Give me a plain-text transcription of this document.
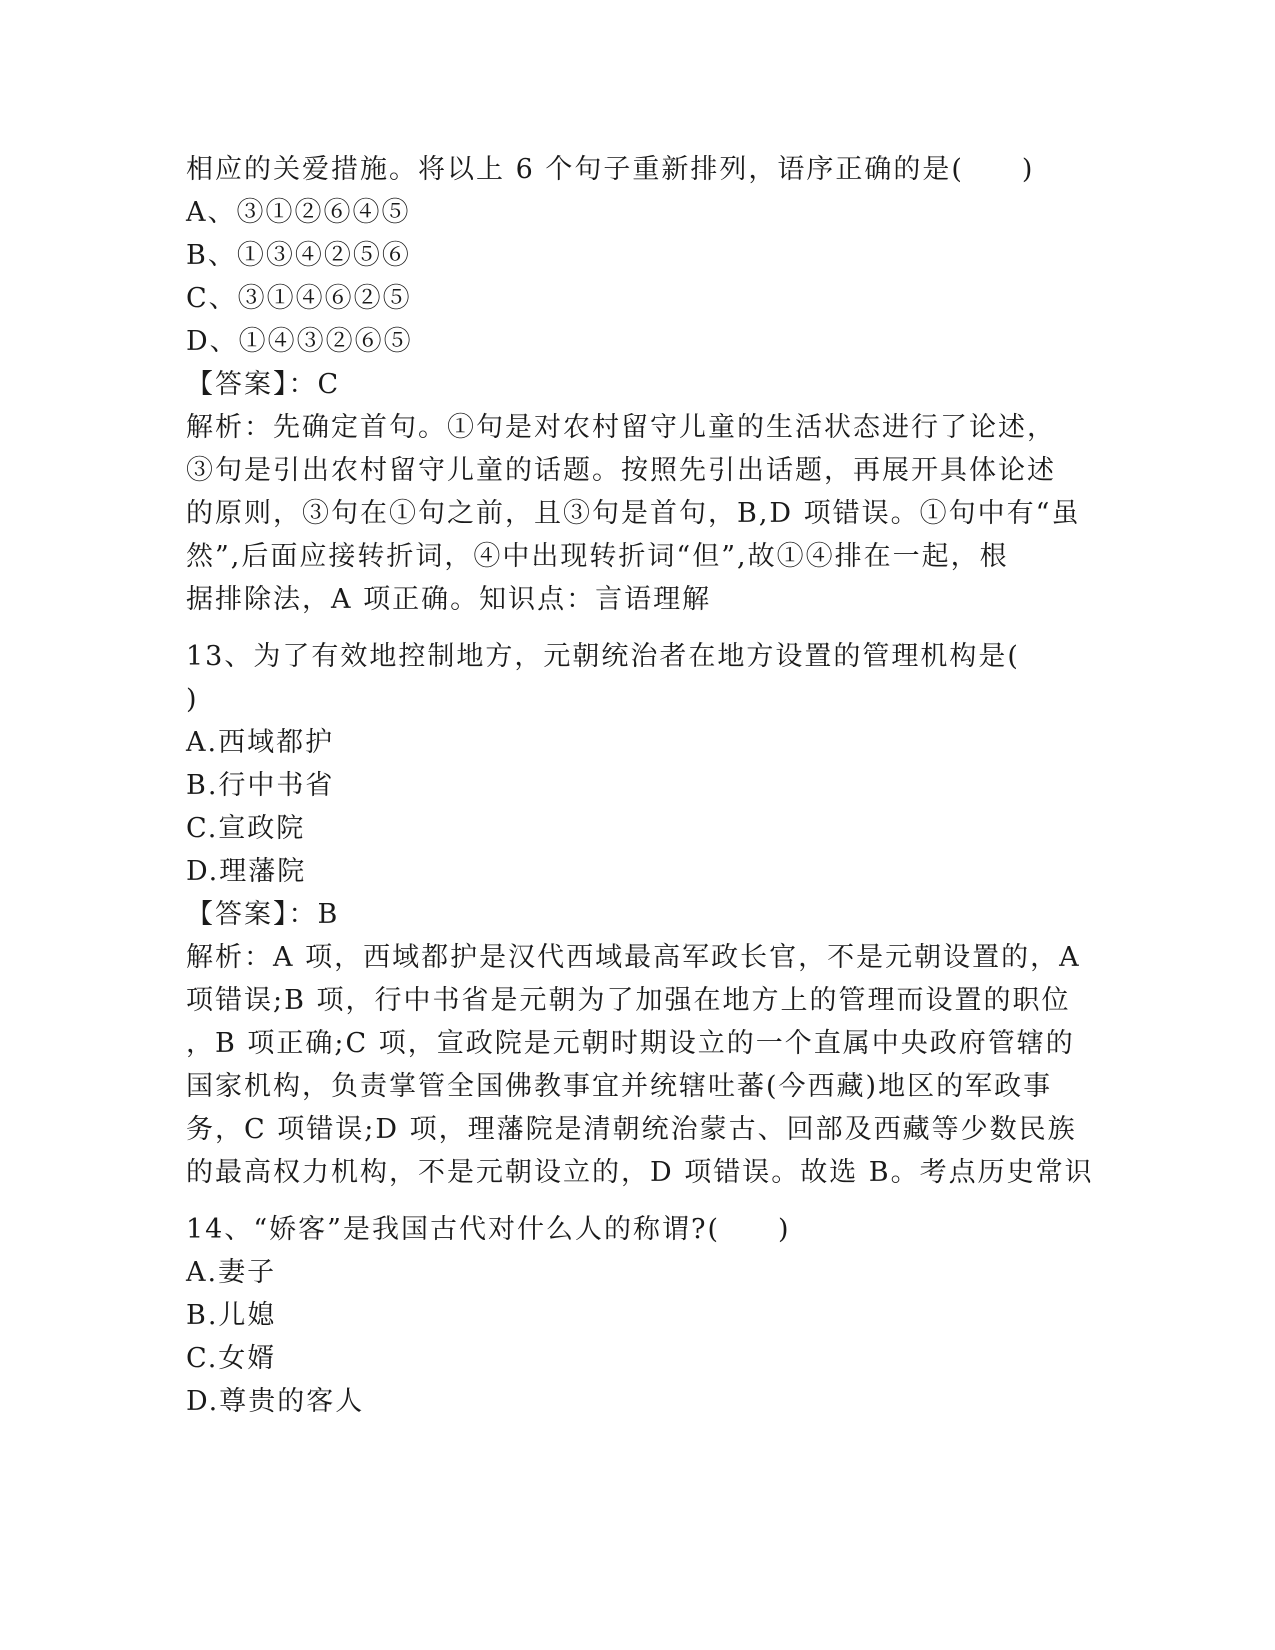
相应的关爱措施。将以上 6 个句子重新排列，语序正确的是(　　)
A、③①②⑥④⑤
B、①③④②⑤⑥
C、③①④⑥②⑤
D、①④③②⑥⑤
【答案】：C
解析：先确定首句。①句是对农村留守儿童的生活状态进行了论述，
③句是引出农村留守儿童的话题。按照先引出话题，再展开具体论述
的原则，③句在①句之前，且③句是首句，B,D 项错误。①句中有“虽
然”,后面应接转折词，④中出现转折词“但”,故①④排在一起，根
据排除法，A 项正确。知识点：言语理解
13、为了有效地控制地方，元朝统治者在地方设置的管理机构是(
)
A.西域都护
B.行中书省
C.宣政院
D.理藩院
【答案】：B
解析：A 项，西域都护是汉代西域最高军政长官，不是元朝设置的，A
项错误;B 项，行中书省是元朝为了加强在地方上的管理而设置的职位
，B 项正确;C 项，宣政院是元朝时期设立的一个直属中央政府管辖的
国家机构，负责掌管全国佛教事宜并统辖吐蕃(今西藏)地区的军政事
务，C 项错误;D 项，理藩院是清朝统治蒙古、回部及西藏等少数民族
的最高权力机构，不是元朝设立的，D 项错误。故选 B。考点历史常识
14、“娇客”是我国古代对什么人的称谓?(　　)
A.妻子
B.儿媳
C.女婿
D.尊贵的客人
